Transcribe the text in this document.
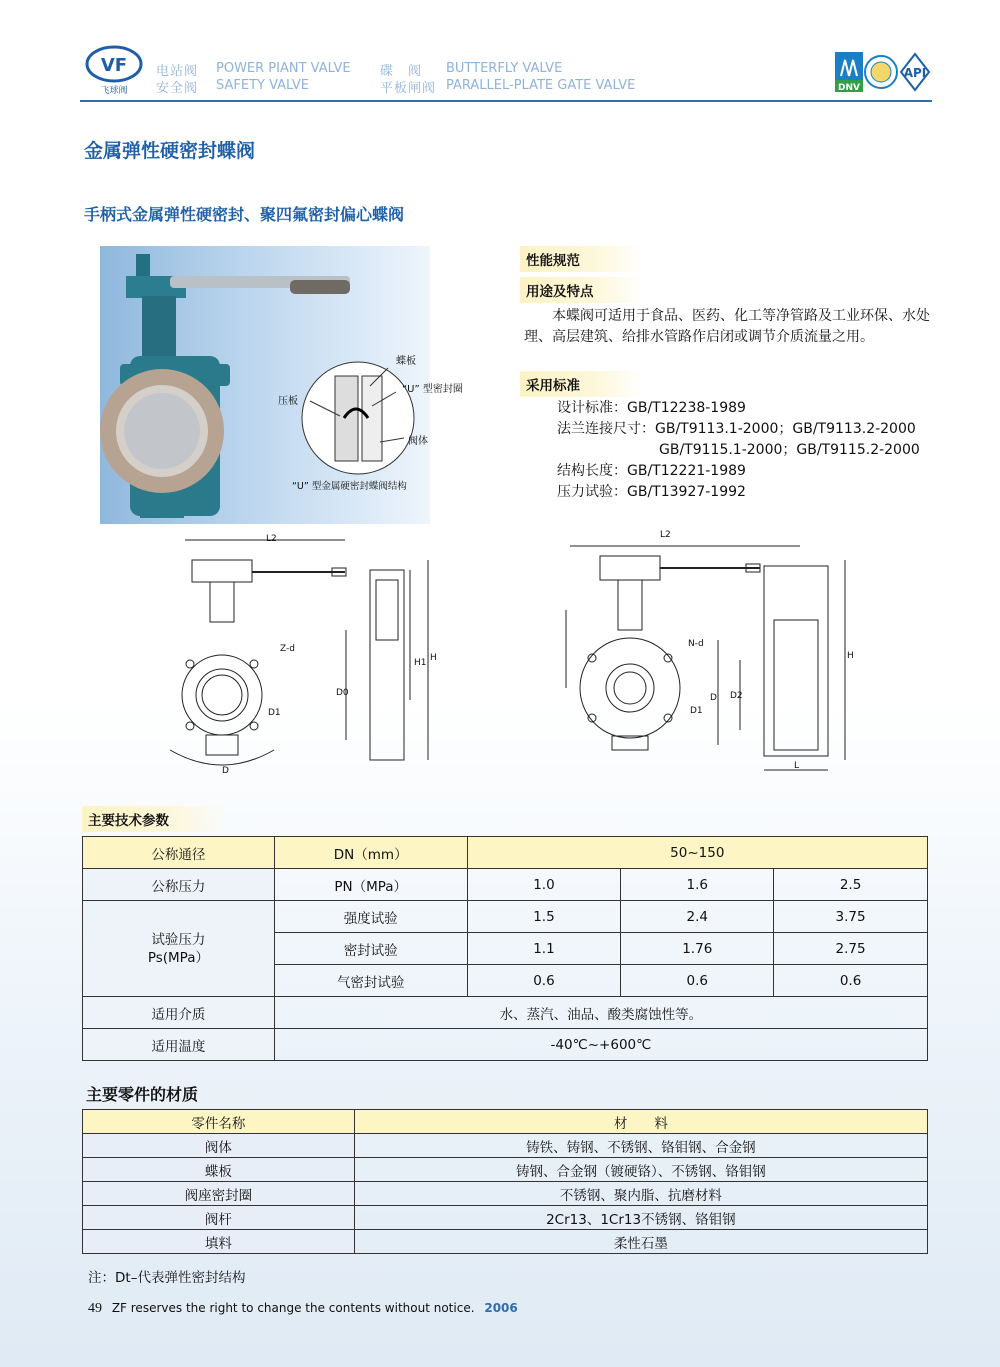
VF
飞球阀
电站阀 POWER PIANT VALVE
安全阀 SAFETY VALVE
碟　阀 BUTTERFLY VALVE
平板闸阀 PARALLEL-PLATE GATE VALVE	DNV
API
金属弹性硬密封蝶阀
手柄式金属弹性硬密封、聚四氟密封偏心蝶阀
蝶板
“U” 型密封圈
压板
阀体
“U” 型金属硬密封蝶阀结构
性能规范
用途及特点
本蝶阀可适用于食品、医药、化工等净管路及工业环保、水处理、高层建筑、给排水管路作启闭或调节介质流量之用。
采用标准
设计标准：GB/T12238-1989
法兰连接尺寸：GB/T9113.1-2000；GB/T9113.2-2000
GB/T9115.1-2000；GB/T9115.2-2000
结构长度：GB/T12221-1989
压力试验：GB/T13927-1992
L2
Z-d
D1
D
D0
H1 H
L2
N-d
D1
D D2
H
L
主要技术参数
公称通径	DN（mm）	50~150		
公称压力	PN（MPa）	1.0	1.6	2.5
试验压力
Ps(MPa）	强度试验	1.5	2.4	3.75
	密封试验	1.1	1.76	2.75
	气密封试验	0.6	0.6	0.6
适用介质	水、蒸汽、油品、酸类腐蚀性等。			
适用温度	-40℃~+600℃			
主要零件的材质
零件名称	材　　料
阀体	铸铁、铸钢、不锈钢、铬钼钢、合金钢
蝶板	铸钢、合金钢（镀硬铬）、不锈钢、铬钼钢
阀座密封圈	不锈钢、聚内脂、抗磨材料
阀杆	2Cr13、1Cr13不锈钢、铬钼钢
填料	柔性石墨
注：Dt–代表弹性密封结构
49 ZF reserves the right to change the contents without notice. 2006
